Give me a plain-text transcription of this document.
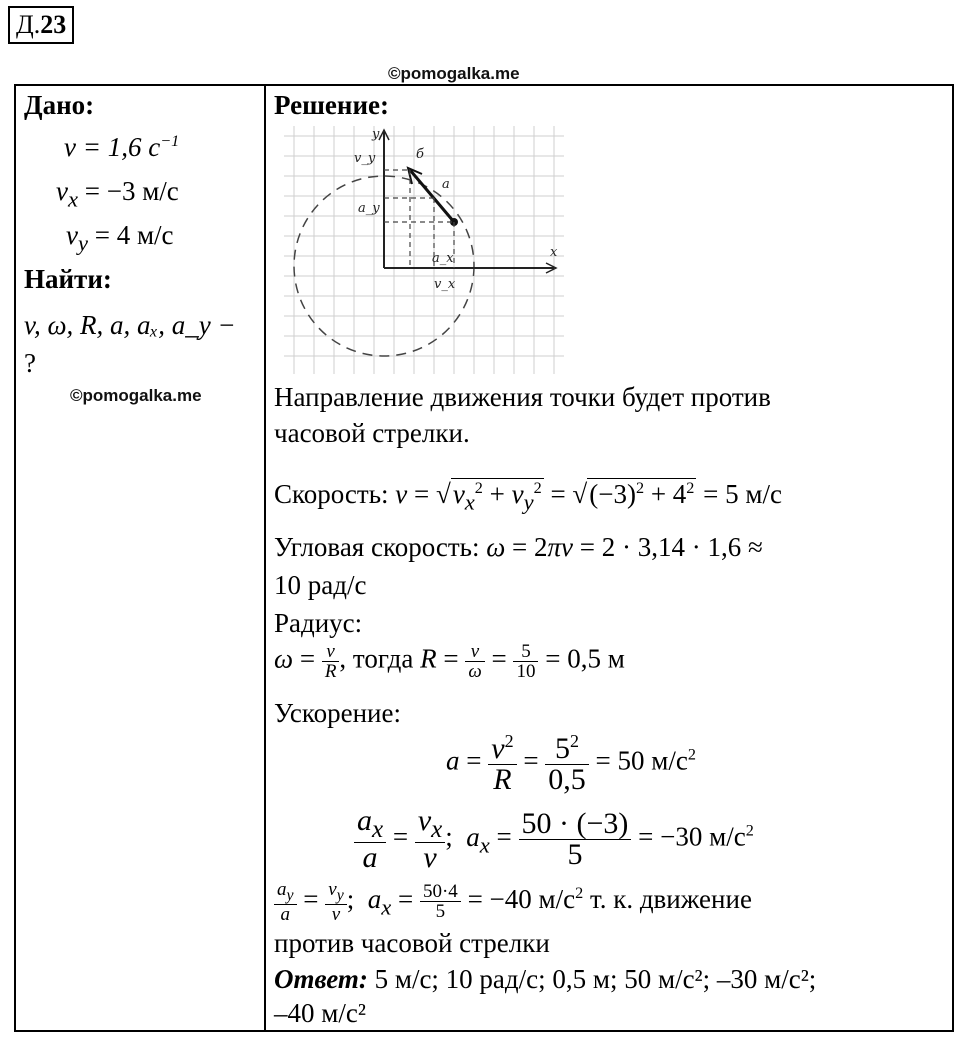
Д.23
©pomogalka.me
Дано:
ν = 1,6 $с^{-1}$
$v_x = -3$ м/с
$v_y = 4$ м/с
Найти:
v, ω, R, a, aₓ, a_y −
?
©pomogalka.me

Решение:
y
x
v_y
v_x
a_y
a_x
a
б
Направление движения точки будет против
часовой стрелки.
Скорость: $v = √v_x^2 + v_y^2 = √(-3)^2 + 4^2 = 5$ м/с
Угловая скорость: ω = 2πν = 2 · 3,14 · 1,6 ≈
10 рад/с
Радиус:
$\omega = \frac{v}{R}$ , тогда $R = \frac{v}{\omega} = \frac{5}{10} = 0,5$ м
Ускорение:
$a = \frac{v^2}{R} = \frac{5^2}{0,5} = 50$ $м/с^2$
$\frac{a_x}{a} = \frac{v_x}{v}$ ;  $a_x = \frac{50 \cdot (-3)}{5} = -30$ $м/с^2$
$\frac{a_y}{a} = \frac{v_y}{v}$ ;  $a_x = \frac{50\cdot 4}{5} = -40$ $м/с^2$ т. к. движение
против часовой стрелки
Ответ: 5 м/с; 10 рад/с; 0,5 м; 50 м/с²; –30 м/с²;
–40 м/с²
